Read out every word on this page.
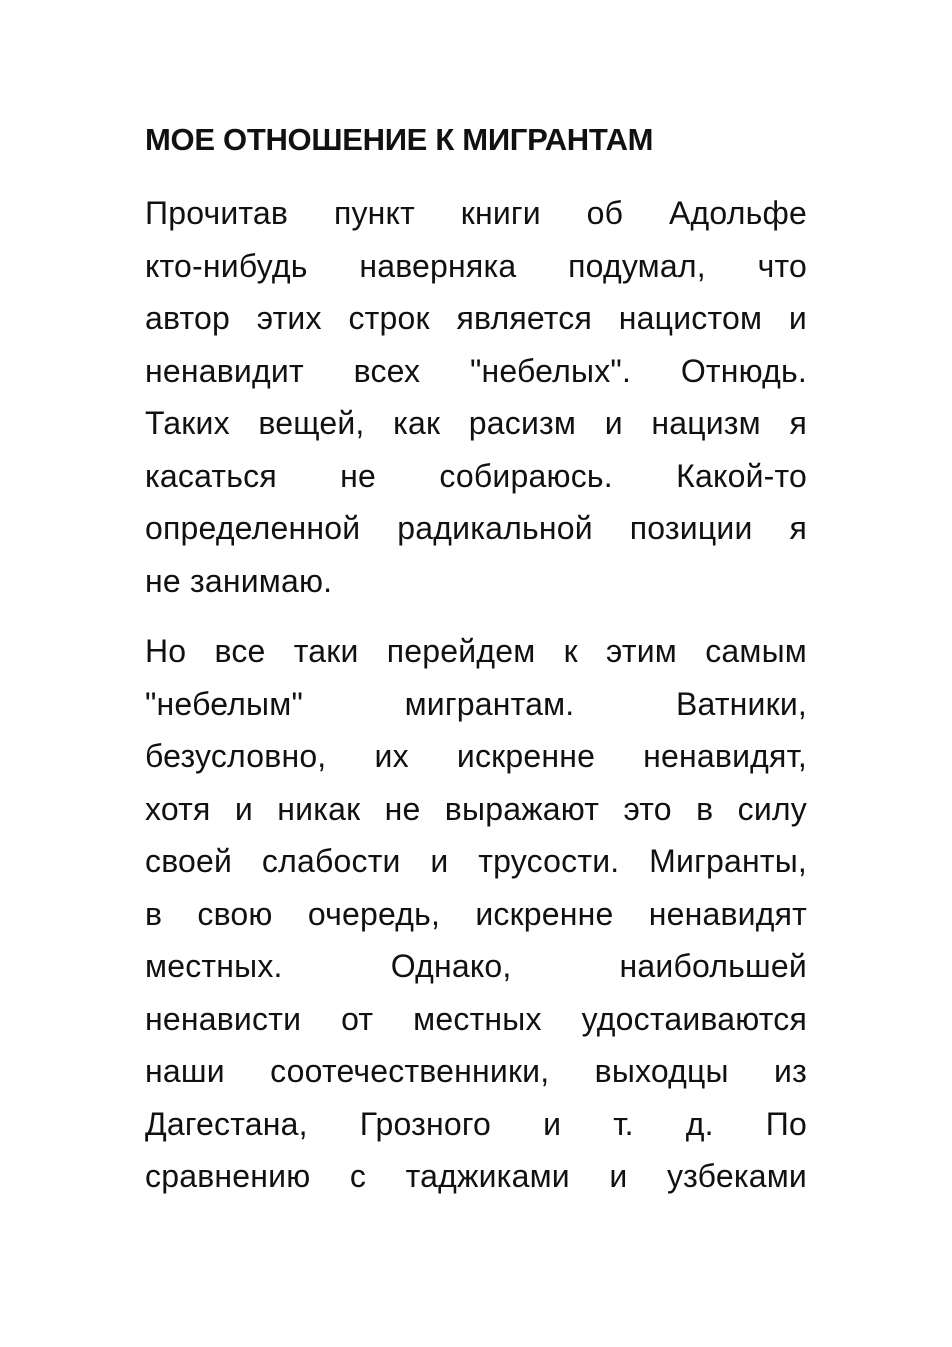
МОЕ ОТНОШЕНИЕ К МИГРАНТАМ
Прочитав пункт книги об Адольфе
кто-нибудь наверняка подумал, что
автор этих строк является нацистом и
ненавидит всех "небелых". Отнюдь.
Таких вещей, как расизм и нацизм я
касаться не собираюсь. Какой-то
определенной радикальной позиции я
не занимаю.
Но все таки перейдем к этим самым
"небелым" мигрантам. Ватники,
безусловно, их искренне ненавидят,
хотя и никак не выражают это в силу
своей слабости и трусости. Мигранты,
в свою очередь, искренне ненавидят
местных. Однако, наибольшей
ненависти от местных удостаиваются
наши соотечественники, выходцы из
Дагестана, Грозного и т. д. По
сравнению с таджиками и узбеками
